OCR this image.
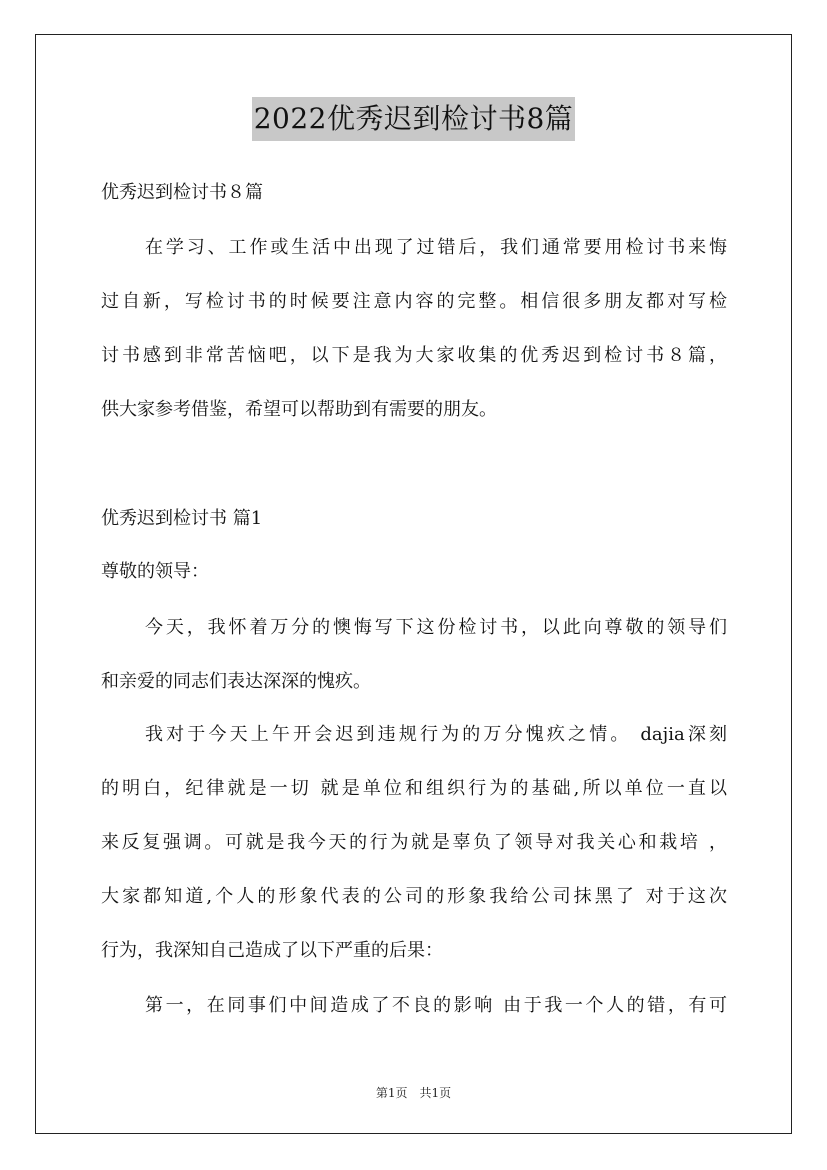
2022优秀迟到检讨书8篇
优秀迟到检讨书８篇
在学习、工作或生活中出现了过错后，我们通常要用检讨书来悔
过自新，写检讨书的时候要注意内容的完整。相信很多朋友都对写检
讨书感到非常苦恼吧，以下是我为大家收集的优秀迟到检讨书８篇，
供大家参考借鉴，希望可以帮助到有需要的朋友。
优秀迟到检讨书 篇1
尊敬的领导：
今天，我怀着万分的懊悔写下这份检讨书，以此向尊敬的领导们
和亲爱的同志们表达深深的愧疚。
我对于今天上午开会迟到违规行为的万分愧疚之情。 dajia深刻
的明白，纪律就是一切 就是单位和组织行为的基础,所以单位一直以
来反复强调。可就是我今天的行为就是辜负了领导对我关心和栽培 ，
大家都知道,个人的形象代表的公司的形象我给公司抹黑了 对于这次
行为，我深知自己造成了以下严重的后果：
第一，在同事们中间造成了不良的影响 由于我一个人的错，有可
第1页　共1页
